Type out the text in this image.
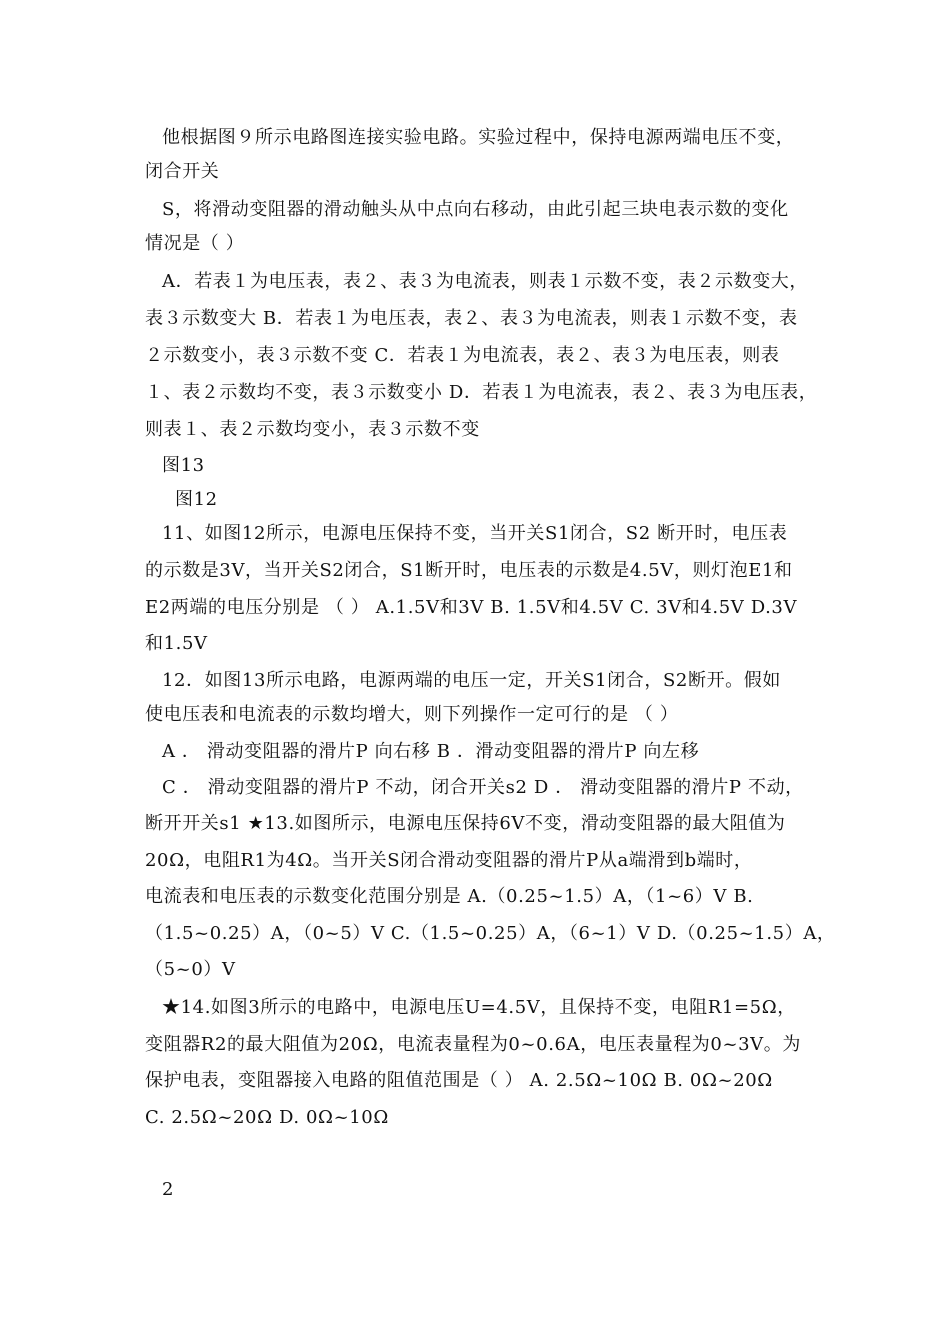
他根据图９所示电路图连接实验电路。实验过程中，保持电源两端电压不变，
闭合开关
S，将滑动变阻器的滑动触头从中点向右移动，由此引起三块电表示数的变化
情况是（ ）
A．若表１为电压表，表２、表３为电流表，则表１示数不变，表２示数变大，
表３示数变大 B．若表１为电压表，表２、表３为电流表，则表１示数不变，表
２示数变小，表３示数不变 C．若表１为电流表，表２、表３为电压表，则表
１、表２示数均不变，表３示数变小 D．若表１为电流表，表２、表３为电压表，
则表１、表２示数均变小，表３示数不变
图13
图12
11、如图12所示，电源电压保持不变，当开关S1闭合，S2 断开时，电压表
的示数是3V，当开关S2闭合，S1断开时，电压表的示数是4.5V，则灯泡E1和
E2两端的电压分别是 （ ） A.1.5V和3V B. 1.5V和4.5V C. 3V和4.5V D.3V
和1.5V
12．如图13所示电路，电源两端的电压一定，开关S1闭合，S2断开。假如
使电压表和电流表的示数均增大，则下列操作一定可行的是 （ ）
A ． 滑动变阻器的滑片P 向右移 B ．滑动变阻器的滑片P 向左移
C ． 滑动变阻器的滑片P 不动，闭合开关s2 D ． 滑动变阻器的滑片P 不动，
断开开关s1 ★13.如图所示，电源电压保持6V不变，滑动变阻器的最大阻值为
20Ω，电阻R1为4Ω。当开关S闭合滑动变阻器的滑片P从a端滑到b端时，
电流表和电压表的示数变化范围分别是 A.（0.25~1.5）A，（1~6）V B.
（1.5~0.25）A，（0~5）V C.（1.5~0.25）A，（6~1）V D.（0.25~1.5）A，
（5~0）V
★14.如图3所示的电路中，电源电压U=4.5V，且保持不变，电阻R1=5Ω，
变阻器R2的最大阻值为20Ω，电流表量程为0~0.6A，电压表量程为0~3V。为
保护电表，变阻器接入电路的阻值范围是（ ） A. 2.5Ω~10Ω B. 0Ω~20Ω
C. 2.5Ω~20Ω D. 0Ω~10Ω
2
